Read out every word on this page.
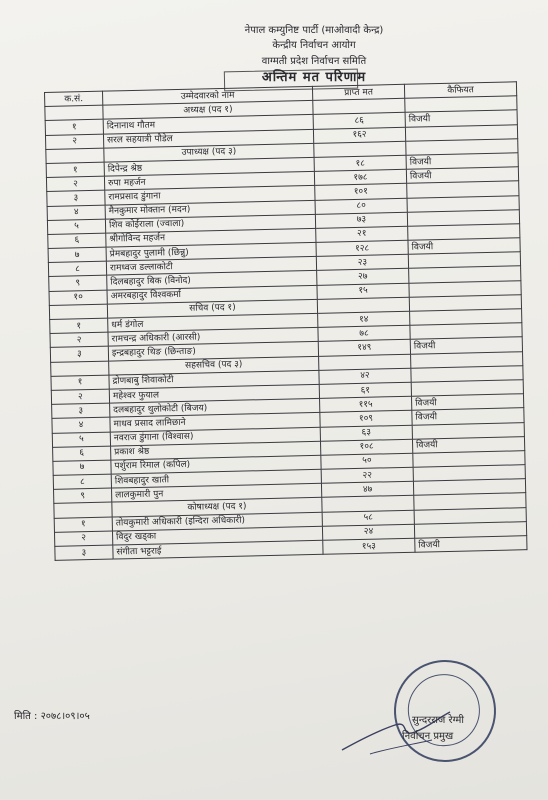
नेपाल कम्युनिष्ट पार्टी (माओवादी केन्द्र)
केन्द्रीय निर्वाचन आयोग
वाग्मती प्रदेश निर्वाचन समिति
अन्तिम मत परिणाम
क.सं.	उम्मेदवारको नाम	प्राप्त मत	कैफियत
	अध्यक्ष (पद १)		
१	दिनानाथ गौतम	८६	विजयी
२	सरल सहयात्री पौडेल	१६२	
	उपाध्यक्ष (पद ३)		
१	दिपेन्द्र श्रेष्ठ	१८	विजयी
२	रुपा महर्जन	१७८	विजयी
३	रामप्रसाद डुंगाना	१०१	
४	मैनकुमार मोक्तान (मदन)	८०	
५	शिव कोईराला (ज्वाला)	७३	
६	श्रीगोविन्द महर्जन	२१	
७	प्रेमबहादुर पुलामी (छिन्नु)	१२८	विजयी
८	रामध्वज डल्लाकोटी	२३	
९	दिलबहादुर बिक (विनोद)	२७	
१०	अमरबहादुर विश्वकर्मा	१५	
	सचिव (पद १)		
१	धर्म डंगोल	१४	
२	रामचन्द्र अधिकारी (आरसी)	७८	
३	इन्द्रबहादुर थिङ (छिन्ताङ)	१४९	विजयी
	सहसचिव (पद ३)		
१	द्रोणबाबु शिवाकोटी	४२	
२	महेश्वर फुयाल	६१	
३	दलबहादुर थुलोकोटी (बिजय)	११५	विजयी
४	माधव प्रसाद लामिछाने	१०९	विजयी
५	नवराज डुंगाना (विश्वास)	६३	
६	प्रकाश श्रेष्ठ	१०८	विजयी
७	पर्शुराम रिमाल (कपिल)	५०	
८	शिवबहादुर खाती	२२	
९	लालकुमारी पुन	४७	
	कोषाध्यक्ष (पद १)		
१	तोयकुमारी अधिकारी (इन्दिरा अधिकारी)	५८	
२	विदुर खड्का	२४	
३	संगीता भट्टराई	१५३	विजयी
मिति : २०७८।०९।०५	सुन्दरराज रेग्मी
निर्वाचन प्रमुख
